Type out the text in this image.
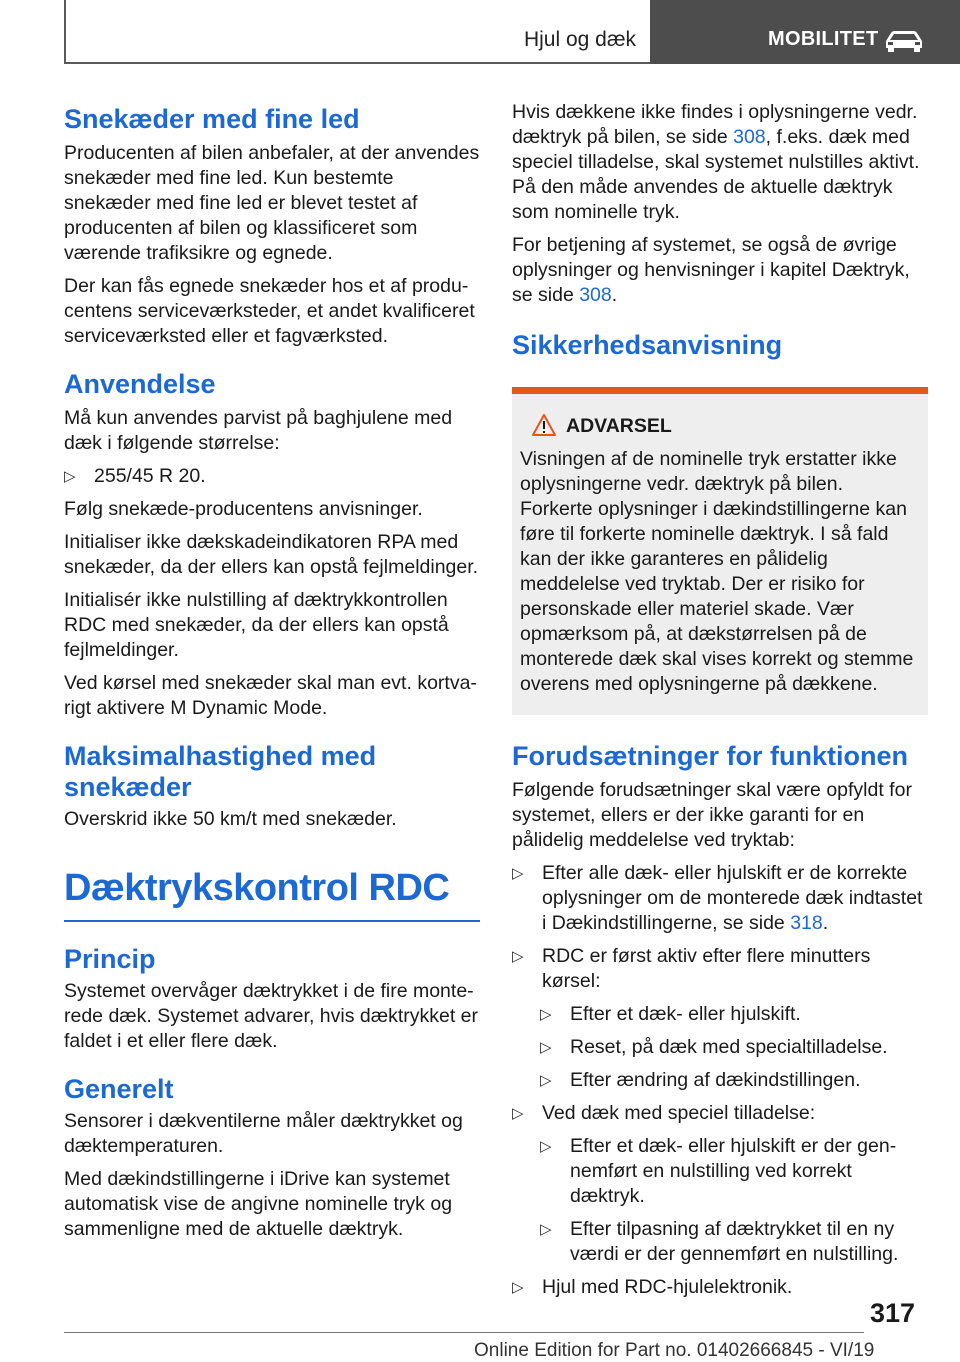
Hjul og dæk	MOBILITET
Snekæder med fine led

Producenten af bilen anbefaler, at der anvendes snekæder med fine led. Kun bestemte snekæder med fine led er blevet testet af producenten af bilen og klassificeret som værende trafiksikre og egnede.

Der kan fås egnede snekæder hos et af producentens serviceværksteder, et andet kvalificeret serviceværksted eller et fagværksted.

Anvendelse

Må kun anvendes parvist på baghjulene med dæk i følgende størrelse:

▷ 255/45 R 20.

Følg snekæde-producentens anvisninger.

Initialiser ikke dækskadeindikatoren RPA med snekæder, da der ellers kan opstå fejlmeldinger.

Initialisér ikke nulstilling af dæktrykkontrollen RDC med snekæder, da der ellers kan opstå fejlmeldinger.

Ved kørsel med snekæder skal man evt. kortvarigt aktivere M Dynamic Mode.

Maksimalhastighed med snekæder

Overskrid ikke 50 km/t med snekæder.

Dæktrykskontrol RDC
Princip

Systemet overvåger dæktrykket i de fire monterede dæk. Systemet advarer, hvis dæktrykket er faldet i et eller flere dæk.

Generelt

Sensorer i dækventilerne måler dæktrykket og dæktemperaturen.

Med dækindstillingerne i iDrive kan systemet automatisk vise de angivne nominelle tryk og sammenligne med de aktuelle dæktryk.

Hvis dækkene ikke findes i oplysningerne vedr. dæktryk på bilen, se side 308, f.eks. dæk med speciel tilladelse, skal systemet nulstilles aktivt. På den måde anvendes de aktuelle dæktryk som nominelle tryk.

For betjening af systemet, se også de øvrige oplysninger og henvisninger i kapitel Dæktryk, se side 308.

Sikkerhedsanvisning
ADVARSEL

Visningen af de nominelle tryk erstatter ikke oplysningerne vedr. dæktryk på bilen. Forkerte oplysninger i dækindstillingerne kan føre til forkerte nominelle dæktryk. I så fald kan der ikke garanteres en pålidelig meddelelse ved tryktab. Der er risiko for personskade eller materiel skade. Vær opmærksom på, at dækstørrelsen på de monterede dæk skal vises korrekt og stemme overens med oplysningerne på dækkene.

Forudsætninger for funktionen

Følgende forudsætninger skal være opfyldt for systemet, ellers er der ikke garanti for en pålidelig meddelelse ved tryktab:

▷ Efter alle dæk- eller hjulskift er de korrekte oplysninger om de monterede dæk indtastet i Dækindstillingerne, se side 318.
▷ RDC er først aktiv efter flere minutters kørsel:
▷ Efter et dæk- eller hjulskift.
▷ Reset, på dæk med specialtilladelse.
▷ Efter ændring af dækindstillingen.
▷ Ved dæk med speciel tilladelse:
▷ Efter et dæk- eller hjulskift er der gennemført en nulstilling ved korrekt dæktryk.
▷ Efter tilpasning af dæktrykket til en ny værdi er der gennemført en nulstilling.
▷ Hjul med RDC-hjulelektronik.
317
Online Edition for Part no. 01402666845 - VI/19
